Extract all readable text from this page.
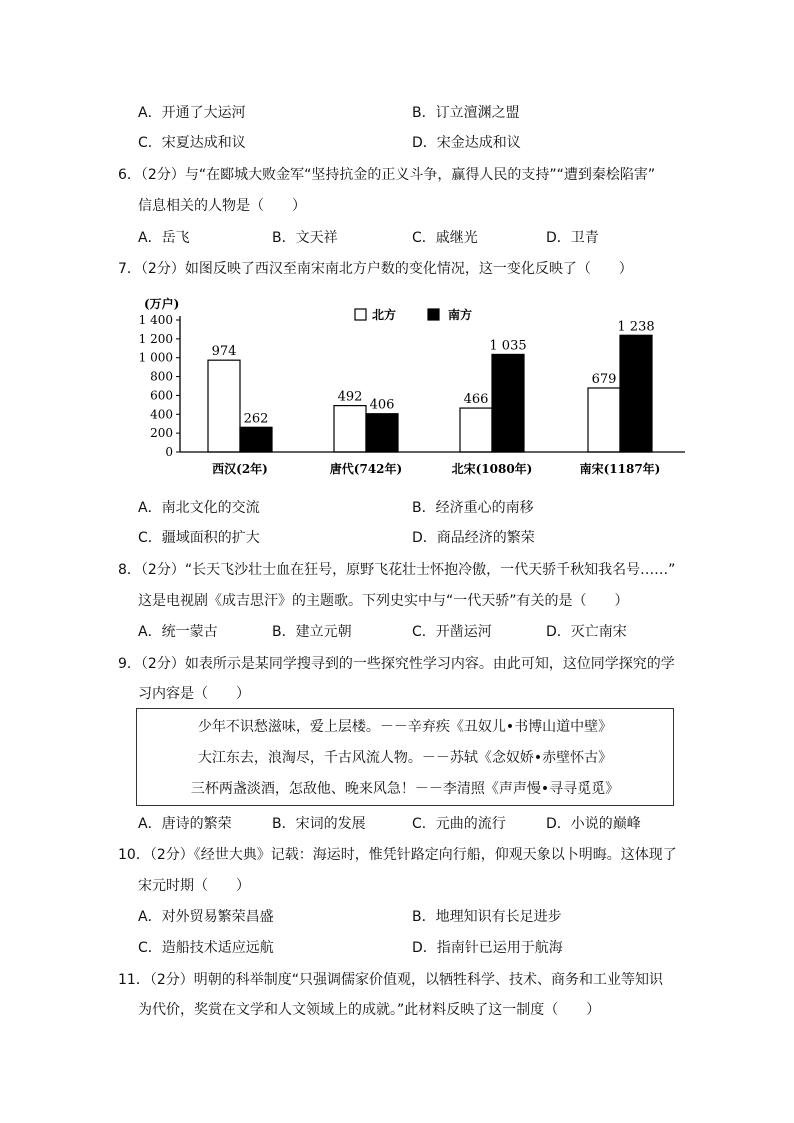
A．开通了大运河	B．订立澶渊之盟
C．宋夏达成和议	D．宋金达成和议
6．（2分）与“在郾城大败金军“坚持抗金的正义斗争，赢得人民的支持”“遭到秦桧陷害”
信息相关的人物是（　　）
A．岳飞	B．文天祥	C．戚继光	D．卫青
7．（2分）如图反映了西汉至南宋南北方户数的变化情况，这一变化反映了（　　）
(万户)
0
200
400
600
800
1 000
1 200
1 400
974
262
492
406	466
1 035
679
1 238
西汉(2年)	唐代(742年)	北宋(1080年)	南宋(1187年)
北方	南方
A．南北文化的交流	B．经济重心的南移
C．疆域面积的扩大	D．商品经济的繁荣
8．（2分）“长天飞沙壮士血在狂号，原野飞花壮士怀抱冷傲，一代天骄千秋知我名号……”
这是电视剧《成吉思汗》的主题歌。下列史实中与“一代天骄”有关的是（　　）
A．统一蒙古	B．建立元朝	C．开凿运河	D．灭亡南宋
9．（2分）如表所示是某同学搜寻到的一些探究性学习内容。由此可知，这位同学探究的学
习内容是（　　）
少年不识愁滋味，爱上层楼。－－辛弃疾《丑奴儿•书博山道中壁》
大江东去，浪淘尽，千古风流人物。－－苏轼《念奴娇•赤壁怀古》
三杯两盏淡酒，怎敌他、晚来风急！－－李清照《声声慢•寻寻觅觅》
A．唐诗的繁荣	B．宋词的发展	C．元曲的流行	D．小说的巅峰
10．（2分）《经世大典》记载：海运时，惟凭针路定向行船，仰观天象以卜明晦。这体现了
宋元时期（　　）
A．对外贸易繁荣昌盛	B．地理知识有长足进步
C．造船技术适应远航	D．指南针已运用于航海
11．（2分）明朝的科举制度“只强调儒家价值观，以牺牲科学、技术、商务和工业等知识
为代价，奖赏在文学和人文领域上的成就。”此材料反映了这一制度（　　）
